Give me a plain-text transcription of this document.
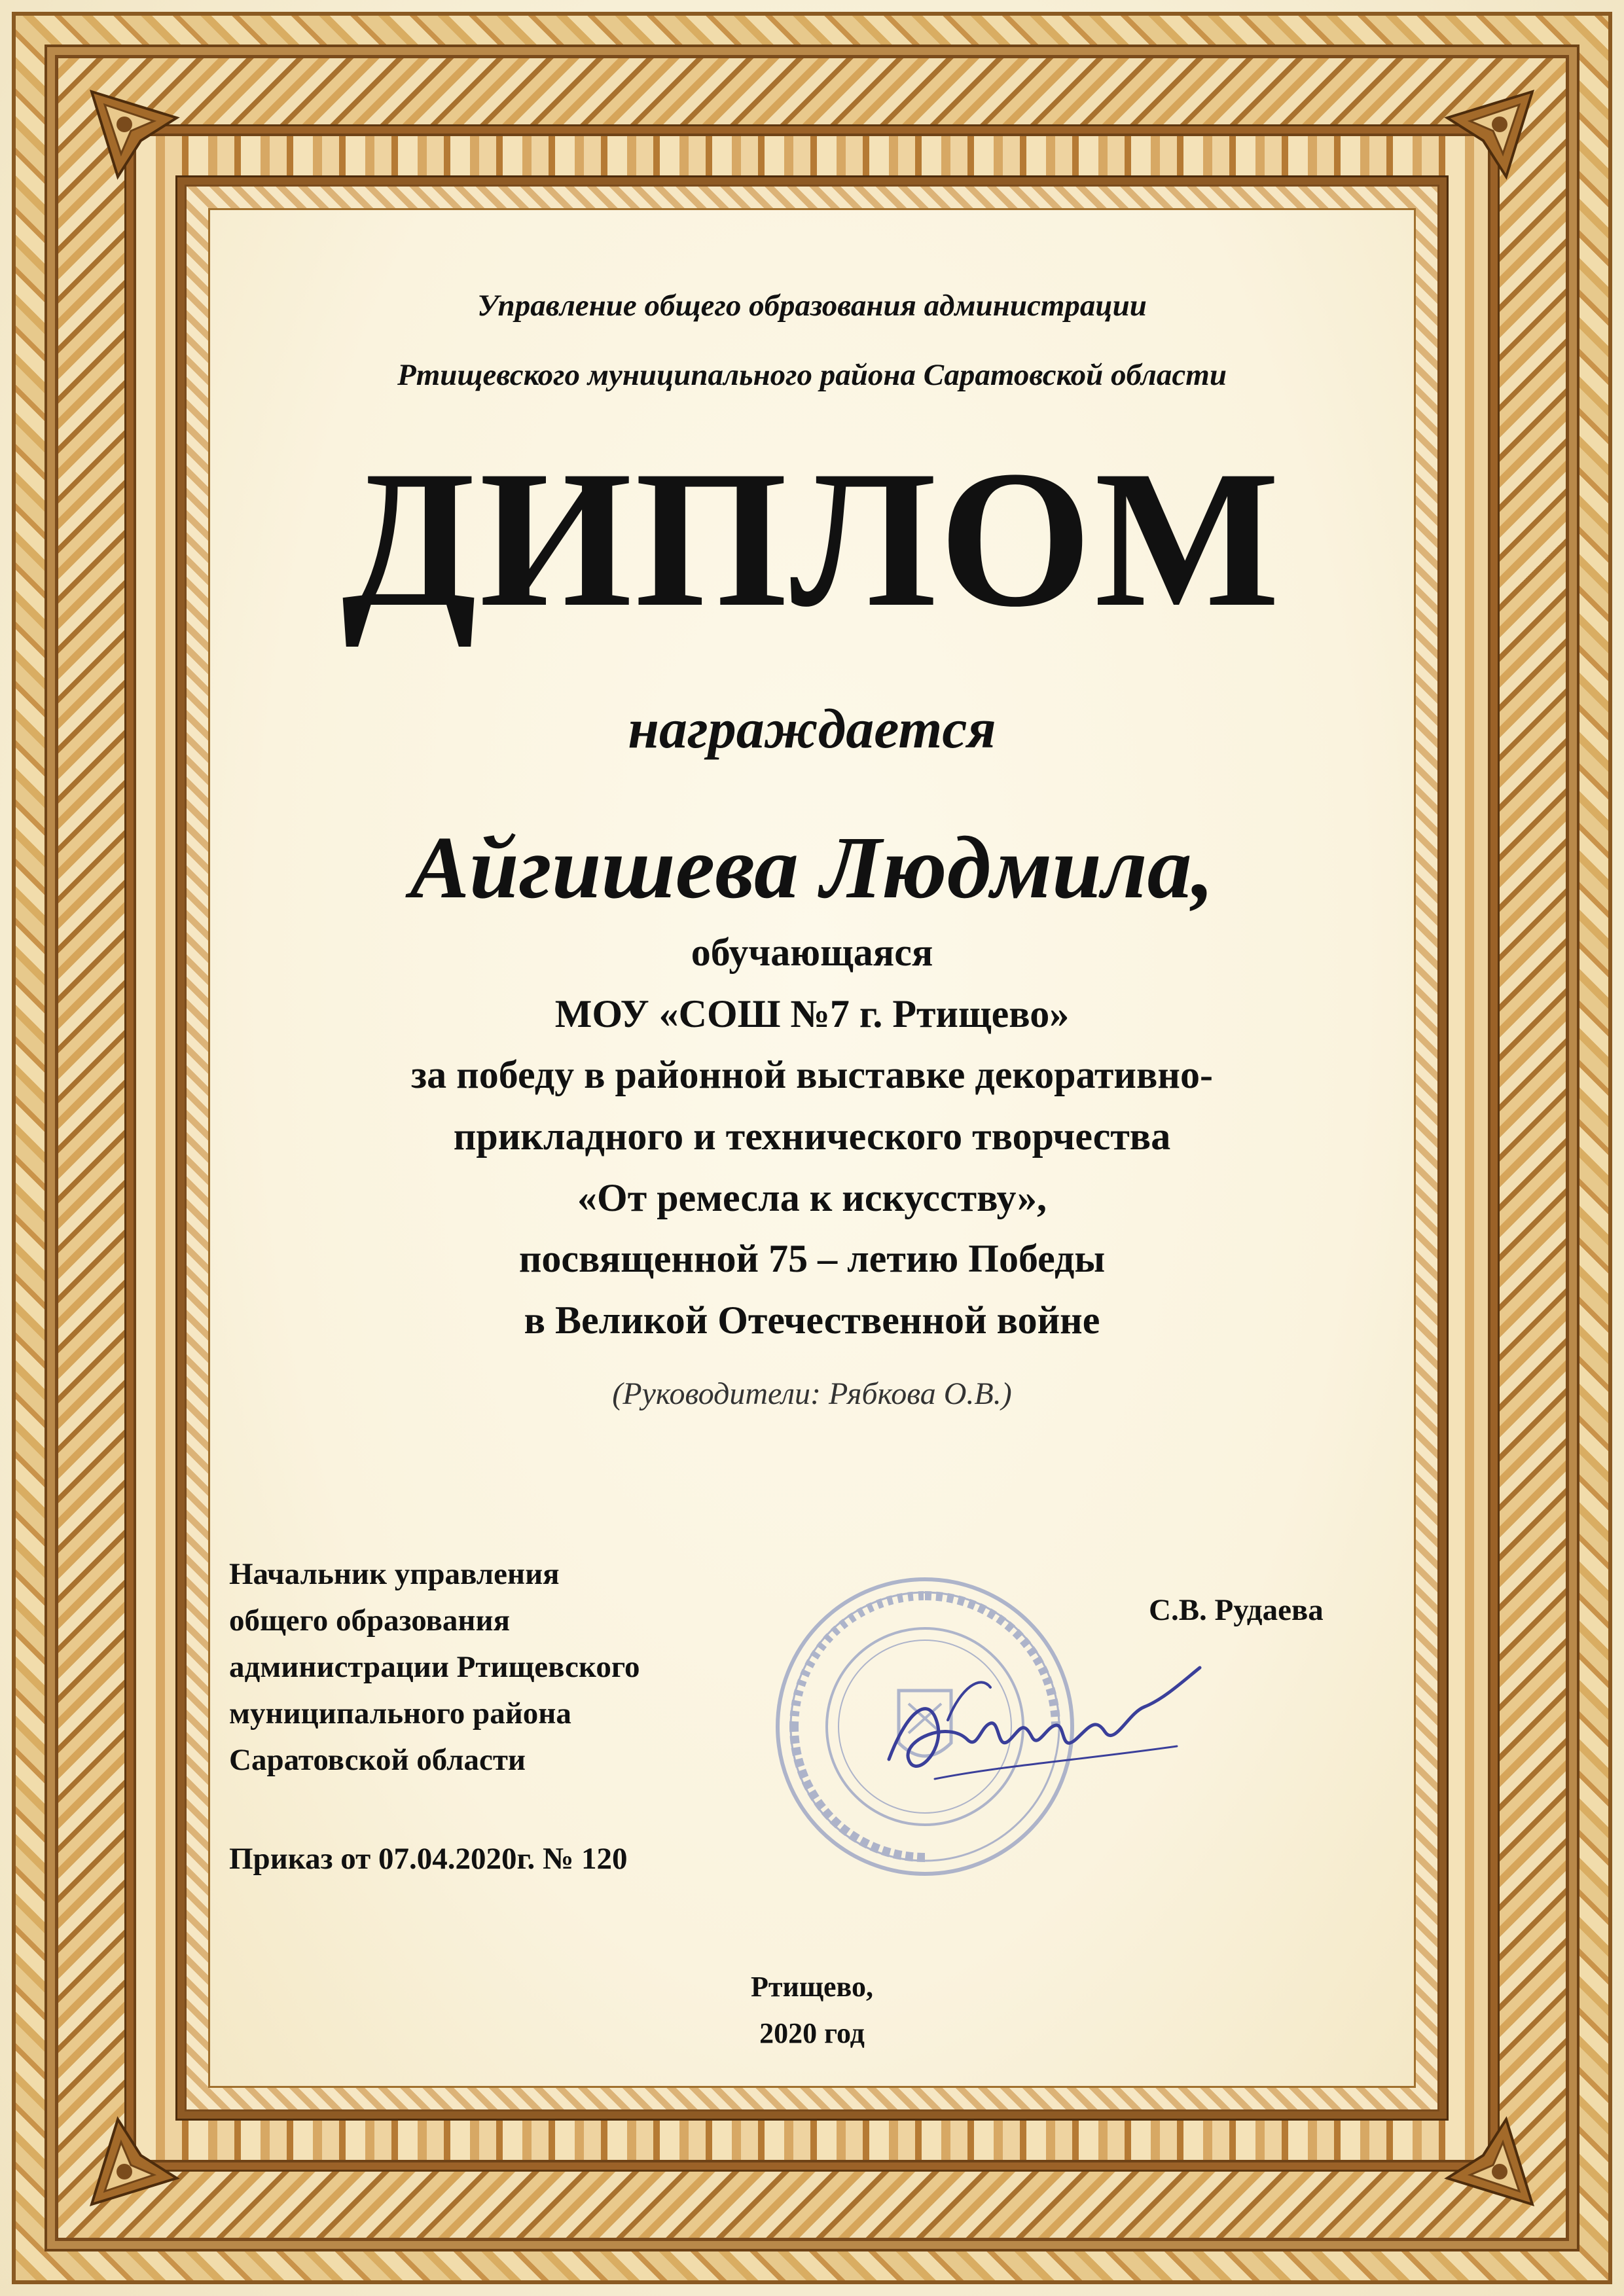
Управление общего образования администрации

Ртищевского муниципального района Саратовской области

ДИПЛОМ

награждается

Айгишева Людмила,

обучающаяся

МОУ «СОШ №7 г. Ртищево»

за победу в районной выставке декоративно-

прикладного и технического творчества

«От ремесла к искусству»,

посвященной 75 – летию Победы

в Великой Отечественной войне

(Руководители: Рябкова О.В.)

Начальник управления
общего образования
администрации Ртищевского
муниципального района
Саратовской области
С.В. Рудаева
Приказ от 07.04.2020г. № 120

Ртищево,

2020 год
